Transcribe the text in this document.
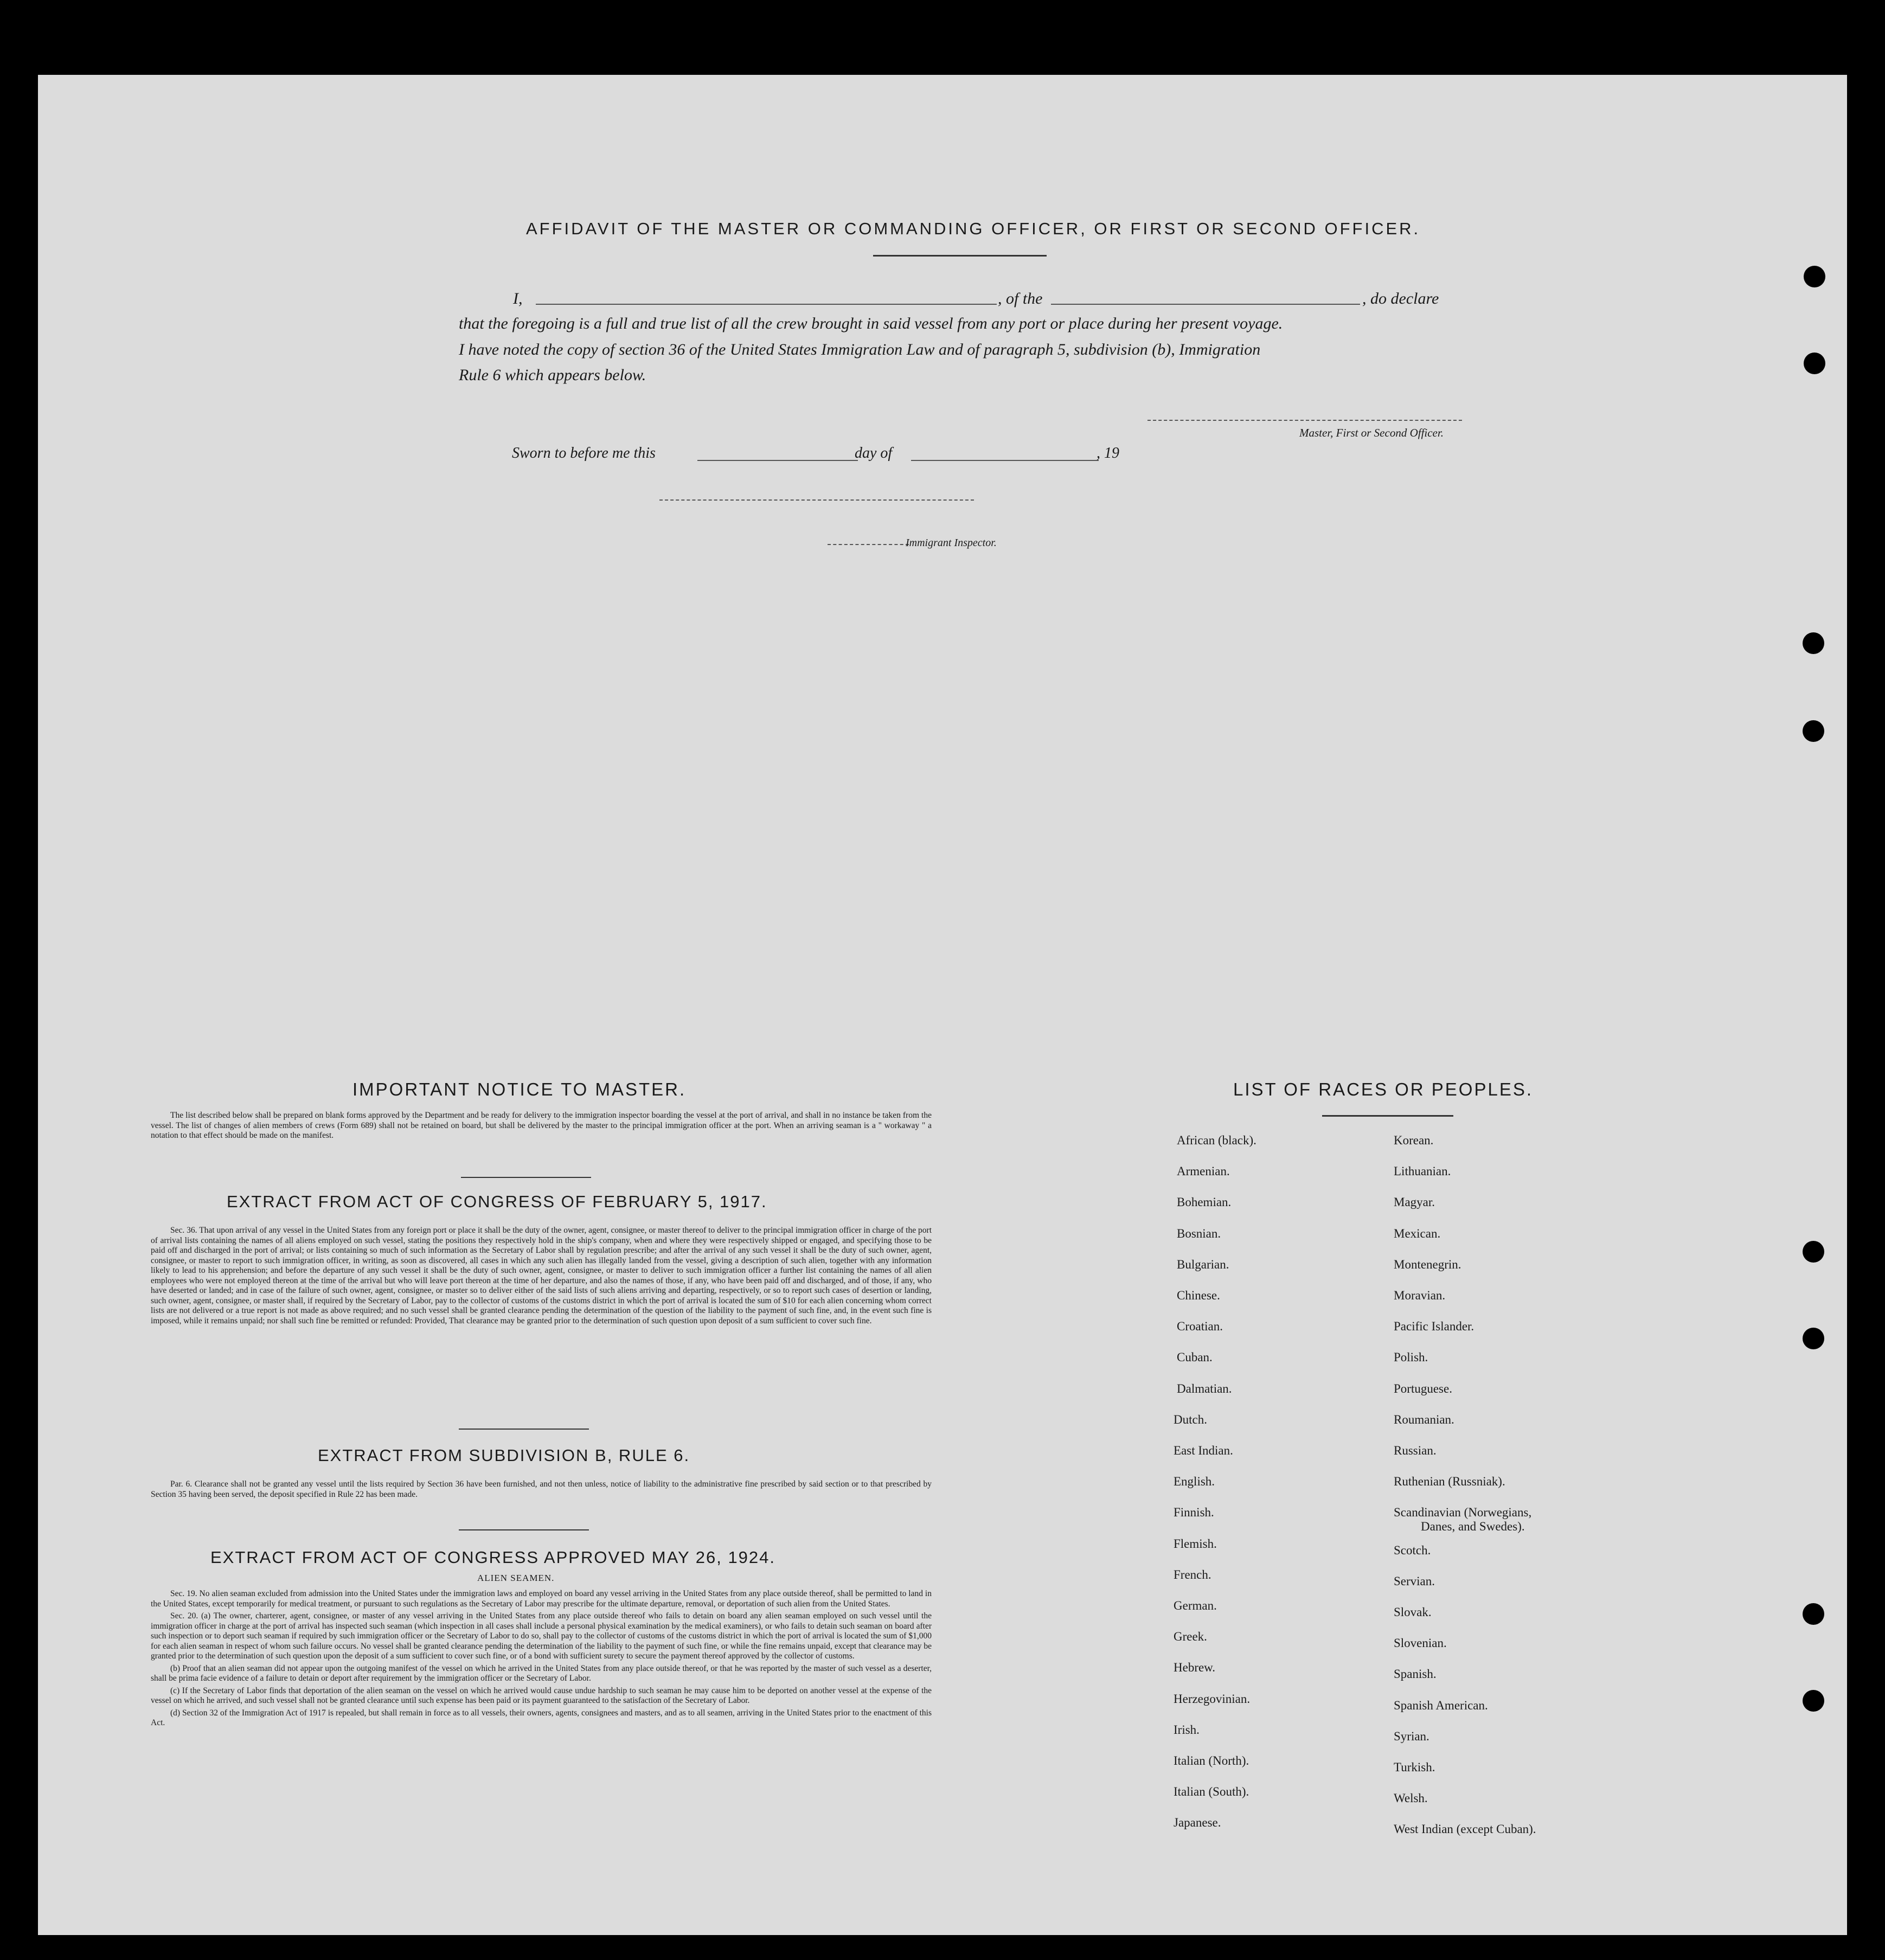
AFFIDAVIT OF THE MASTER OR COMMANDING OFFICER, OR FIRST OR SECOND OFFICER.
I,	, of the	, do declare
that the foregoing is a full and true list of all the crew brought in said vessel from any port or place during her present voyage.
I have noted the copy of section 36 of the United States Immigration Law and of paragraph 5, subdivision (b), Immigration
Rule 6 which appears below.
Master, First or Second Officer.
Sworn to before me this	day of	, 19
Immigrant Inspector.
IMPORTANT NOTICE TO MASTER.

The list described below shall be prepared on blank forms approved by the Department and be ready for delivery to the immigration inspector boarding the vessel at the port of arrival, and shall in no instance be taken from the vessel. The list of changes of alien members of crews (Form 689) shall not be retained on board, but shall be delivered by the master to the principal immigration officer at the port. When an arriving seaman is a " workaway " a notation to that effect should be made on the manifest.

EXTRACT FROM ACT OF CONGRESS OF FEBRUARY 5, 1917.

Sec. 36. That upon arrival of any vessel in the United States from any foreign port or place it shall be the duty of the owner, agent, consignee, or master thereof to deliver to the principal immigration officer in charge of the port of arrival lists containing the names of all aliens employed on such vessel, stating the positions they respectively hold in the ship's company, when and where they were respectively shipped or engaged, and specifying those to be paid off and discharged in the port of arrival; or lists containing so much of such information as the Secretary of Labor shall by regulation prescribe; and after the arrival of any such vessel it shall be the duty of such owner, agent, consignee, or master to report to such immigration officer, in writing, as soon as discovered, all cases in which any such alien has illegally landed from the vessel, giving a description of such alien, together with any information likely to lead to his apprehension; and before the departure of any such vessel it shall be the duty of such owner, agent, consignee, or master to deliver to such immigration officer a further list containing the names of all alien employees who were not employed thereon at the time of the arrival but who will leave port thereon at the time of her departure, and also the names of those, if any, who have been paid off and discharged, and of those, if any, who have deserted or landed; and in case of the failure of such owner, agent, consignee, or master so to deliver either of the said lists of such aliens arriving and departing, respectively, or so to report such cases of desertion or landing, such owner, agent, consignee, or master shall, if required by the Secretary of Labor, pay to the collector of customs of the customs district in which the port of arrival is located the sum of $10 for each alien concerning whom correct lists are not delivered or a true report is not made as above required; and no such vessel shall be granted clearance pending the determination of the question of the liability to the payment of such fine, and, in the event such fine is imposed, while it remains unpaid; nor shall such fine be remitted or refunded: Provided, That clearance may be granted prior to the determination of such question upon deposit of a sum sufficient to cover such fine.

EXTRACT FROM SUBDIVISION B, RULE 6.

Par. 6. Clearance shall not be granted any vessel until the lists required by Section 36 have been furnished, and not then unless, notice of liability to the administrative fine prescribed by said section or to that prescribed by Section 35 having been served, the deposit specified in Rule 22 has been made.

EXTRACT FROM ACT OF CONGRESS APPROVED MAY 26, 1924.
ALIEN SEAMEN.

Sec. 19. No alien seaman excluded from admission into the United States under the immigration laws and employed on board any vessel arriving in the United States from any place outside thereof, shall be permitted to land in the United States, except temporarily for medical treatment, or pursuant to such regulations as the Secretary of Labor may prescribe for the ultimate departure, removal, or deportation of such alien from the United States.

Sec. 20. (a) The owner, charterer, agent, consignee, or master of any vessel arriving in the United States from any place outside thereof who fails to detain on board any alien seaman employed on such vessel until the immigration officer in charge at the port of arrival has inspected such seaman (which inspection in all cases shall include a personal physical examination by the medical examiners), or who fails to detain such seaman on board after such inspection or to deport such seaman if required by such immigration officer or the Secretary of Labor to do so, shall pay to the collector of customs of the customs district in which the port of arrival is located the sum of $1,000 for each alien seaman in respect of whom such failure occurs. No vessel shall be granted clearance pending the determination of the liability to the payment of such fine, or while the fine remains unpaid, except that clearance may be granted prior to the determination of such question upon the deposit of a sum sufficient to cover such fine, or of a bond with sufficient surety to secure the payment thereof approved by the collector of customs.

(b) Proof that an alien seaman did not appear upon the outgoing manifest of the vessel on which he arrived in the United States from any place outside thereof, or that he was reported by the master of such vessel as a deserter, shall be prima facie evidence of a failure to detain or deport after requirement by the immigration officer or the Secretary of Labor.

(c) If the Secretary of Labor finds that deportation of the alien seaman on the vessel on which he arrived would cause undue hardship to such seaman he may cause him to be deported on another vessel at the expense of the vessel on which he arrived, and such vessel shall not be granted clearance until such expense has been paid or its payment guaranteed to the satisfaction of the Secretary of Labor.

(d) Section 32 of the Immigration Act of 1917 is repealed, but shall remain in force as to all vessels, their owners, agents, consignees and masters, and as to all seamen, arriving in the United States prior to the enactment of this Act.

LIST OF RACES OR PEOPLES.
African (black).
Armenian.
Bohemian.
Bosnian.
Bulgarian.
Chinese.
Croatian.
Cuban.
Dalmatian.
Dutch.
East Indian.
English.
Finnish.
Flemish.
French.
German.
Greek.
Hebrew.
Herzegovinian.
Irish.
Italian (North).
Italian (South).
Japanese.
Korean.
Lithuanian.
Magyar.
Mexican.
Montenegrin.
Moravian.
Pacific Islander.
Polish.
Portuguese.
Roumanian.
Russian.
Ruthenian (Russniak).
Scandinavian (Norwegians,
Danes, and Swedes).
Scotch.
Servian.
Slovak.
Slovenian.
Spanish.
Spanish American.
Syrian.
Turkish.
Welsh.
West Indian (except Cuban).
